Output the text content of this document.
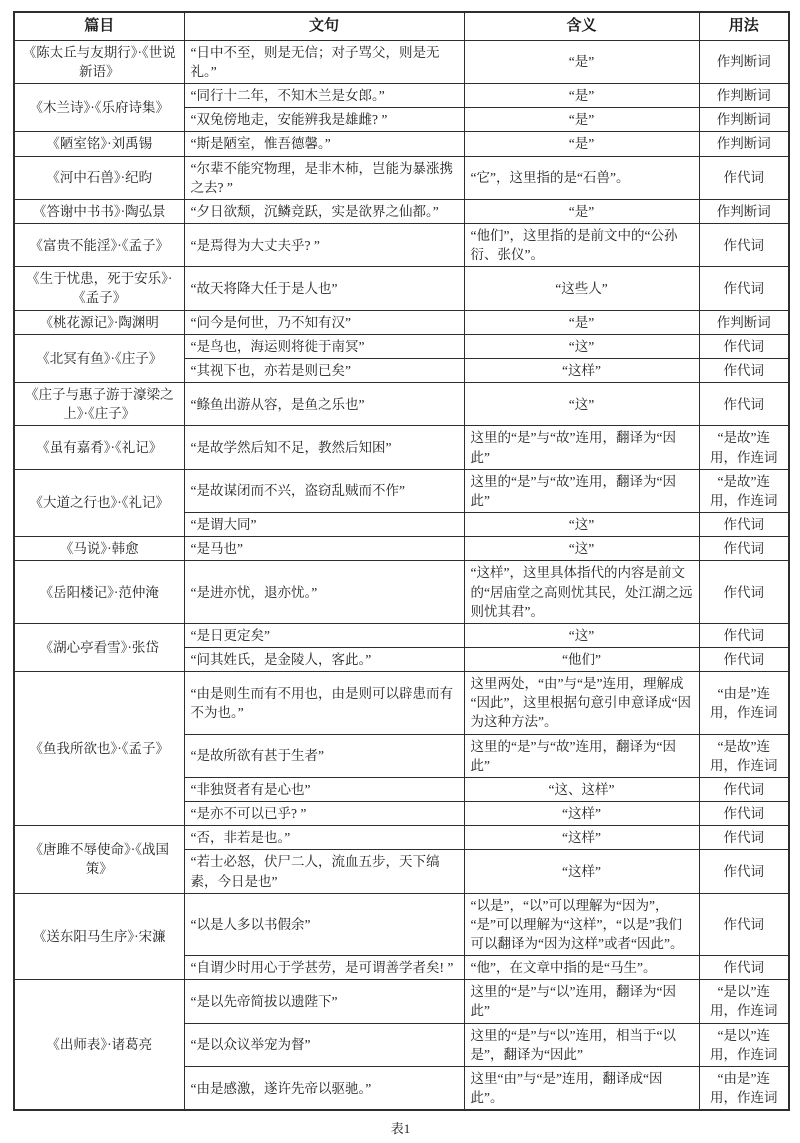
篇目	文句	含义	用法
《陈太丘与友期行》·《世说新语》	“日中不至，则是无信；对子骂父，则是无礼。”	“是”	作判断词
《木兰诗》·《乐府诗集》	“同行十二年，不知木兰是女郎。”	“是”	作判断词
	“双兔傍地走，安能辨我是雄雌? ”	“是”	作判断词
《陋室铭》·刘禹锡	“斯是陋室，惟吾德馨。”	“是”	作判断词
《河中石兽》·纪昀	“尔辈不能究物理，是非木杮，岂能为暴涨携之去? ”	“它”，这里指的是“石兽”。	作代词
《答谢中书书》·陶弘景	“夕日欲颓，沉鳞竞跃，实是欲界之仙都。”	“是”	作判断词
《富贵不能淫》·《孟子》	“是焉得为大丈夫乎? ”	“他们”，这里指的是前文中的“公孙衍、张仪”。	作代词
《生于忧患，死于安乐》·《孟子》	“故天将降大任于是人也”	“这些人”	作代词
《桃花源记》·陶渊明	“问今是何世，乃不知有汉”	“是”	作判断词
《北冥有鱼》·《庄子》	“是鸟也，海运则将徙于南冥”	“这”	作代词
	“其视下也，亦若是则已矣”	“这样”	作代词
《庄子与惠子游于濠梁之上》·《庄子》	“鲦鱼出游从容，是鱼之乐也”	“这”	作代词
《虽有嘉肴》·《礼记》	“是故学然后知不足，教然后知困”	这里的“是”与“故”连用，翻译为“因此”	“是故”连用，作连词
《大道之行也》·《礼记》	“是故谋闭而不兴，盗窃乱贼而不作”	这里的“是”与“故”连用，翻译为“因此”	“是故”连用，作连词
	“是谓大同”	“这”	作代词
《马说》·韩愈	“是马也”	“这”	作代词
《岳阳楼记》·范仲淹	“是进亦忧，退亦忧。”	“这样”，这里具体指代的内容是前文的“居庙堂之高则忧其民，处江湖之远则忧其君”。	作代词
《湖心亭看雪》·张岱	“是日更定矣”	“这”	作代词
	“问其姓氏，是金陵人，客此。”	“他们”	作代词
《鱼我所欲也》·《孟子》	“由是则生而有不用也，由是则可以辟患而有不为也。”	这里两处，“由”与“是”连用，理解成“因此”，这里根据句意引申意译成“因为这种方法”。	“由是”连用，作连词
	“是故所欲有甚于生者”	这里的“是”与“故”连用，翻译为“因此”	“是故”连用，作连词
	“非独贤者有是心也”	“这、这样”	作代词
	“是亦不可以已乎? ”	“这样”	作代词
《唐雎不辱使命》·《战国策》	“否，非若是也。”	“这样”	作代词
	“若士必怒，伏尸二人，流血五步，天下缟素，今日是也”	“这样”	作代词
《送东阳马生序》·宋濂	“以是人多以书假余”	“以是”，“以”可以理解为“因为”，“是”可以理解为“这样”，“以是”我们可以翻译为“因为这样”或者“因此”。	作代词
	“自谓少时用心于学甚劳，是可谓善学者矣! ”	“他”，在文章中指的是“马生”。	作代词
《出师表》·诸葛亮	“是以先帝简拔以遗陛下”	这里的“是”与“以”连用，翻译为“因此”	“是以”连用，作连词
	“是以众议举宠为督”	这里的“是”与“以”连用，相当于“以是”，翻译为“因此”	“是以”连用，作连词
	“由是感激，遂许先帝以驱驰。”	这里“由”与“是”连用，翻译成“因此”。	“由是”连用，作连词
表1
